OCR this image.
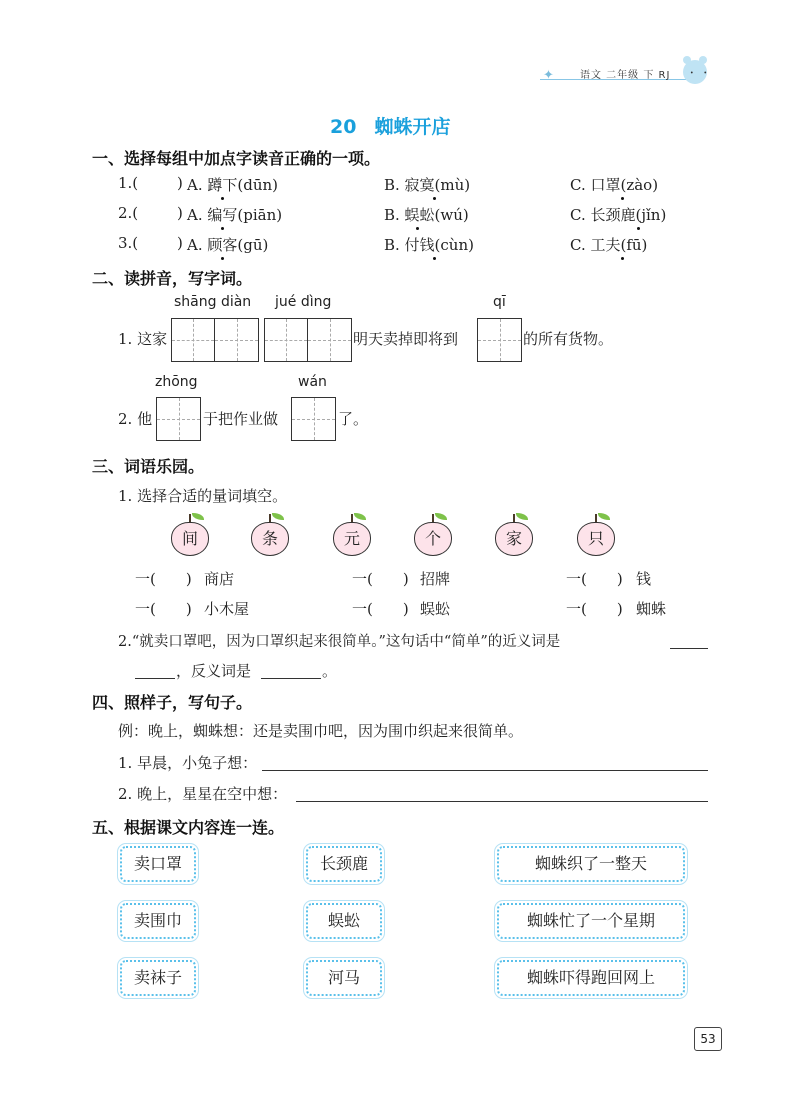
✦	语文 二年级 下 RJ	• •
20 蜘蛛开店
一、选择每组中加点字读音正确的一项。
1.(	) A. 蹲下(dūn)	B. 寂寞(mù)	C. 口罩(zào)
2.(	) A. 编写(piān)	B. 蜈蚣(wú)	C. 长颈鹿(jǐn)
3.(	) A. 顾客(gū)	B. 付钱(cùn)	C. 工夫(fū)
二、读拼音，写字词。
shāng diàn jué dìng	qī
1. 这家	明天卖掉即将到	的所有货物。
zhōng	wán
2. 他	于把作业做	了。
三、词语乐园。
1. 选择合适的量词填空。
间	条	元	个	家	只
一(　　) 商店	一(　　) 招牌	一(　　) 钱
一(　　) 小木屋	一(　　) 蜈蚣	一(　　) 蜘蛛
2.“就卖口罩吧，因为口罩织起来很简单。”这句话中“简单”的近义词是
，反义词是	。
四、照样子，写句子。
例：晚上，蜘蛛想：还是卖围巾吧，因为围巾织起来很简单。
1. 早晨，小兔子想：
2. 晚上，星星在空中想：
五、根据课文内容连一连。
卖口罩
卖围巾
卖袜子
长颈鹿
蜈蚣
河马
蜘蛛织了一整天
蜘蛛忙了一个星期
蜘蛛吓得跑回网上
53
